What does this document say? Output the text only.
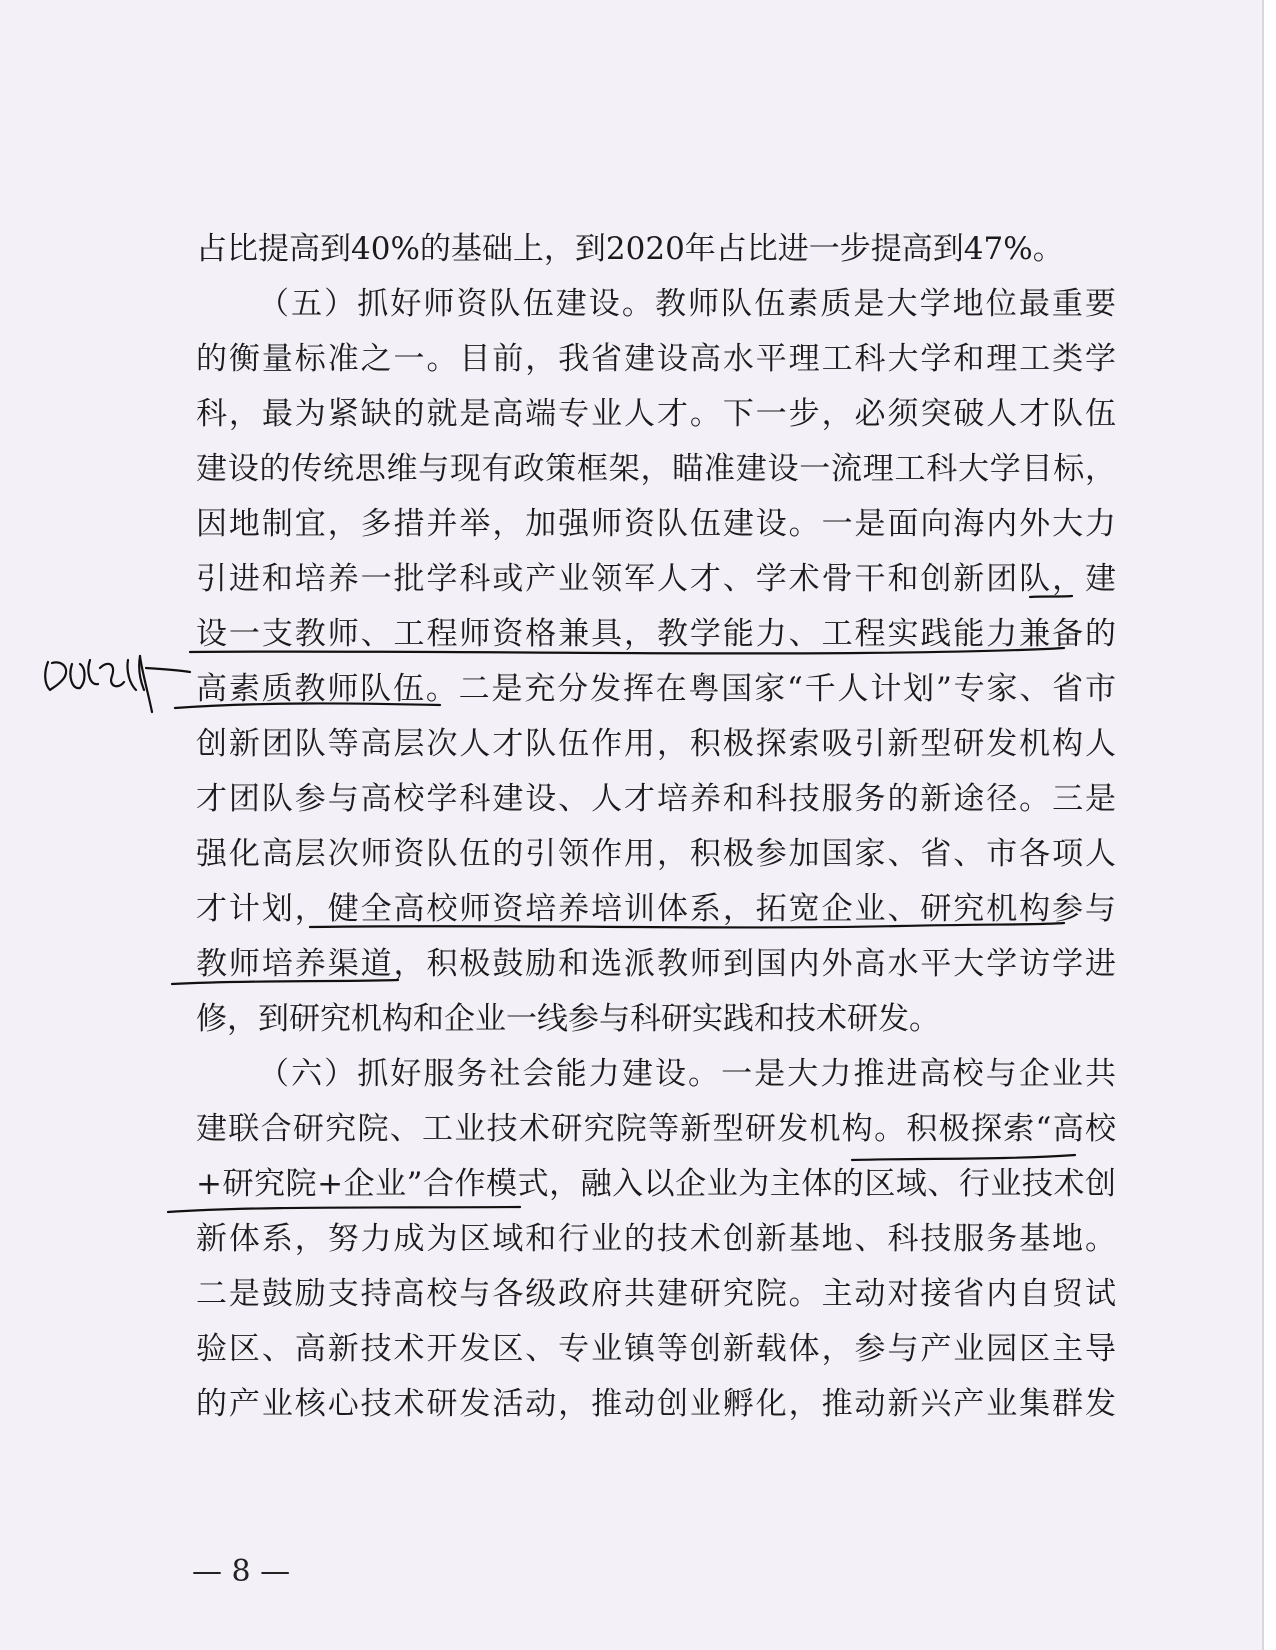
占比提高到40%的基础上，到2020年占比进一步提高到47%。
（五）抓好师资队伍建设。教师队伍素质是大学地位最重要
的衡量标准之一。目前，我省建设高水平理工科大学和理工类学
科，最为紧缺的就是高端专业人才。下一步，必须突破人才队伍
建设的传统思维与现有政策框架，瞄准建设一流理工科大学目标，
因地制宜，多措并举，加强师资队伍建设。一是面向海内外大力
引进和培养一批学科或产业领军人才、学术骨干和创新团队，建
设一支教师、工程师资格兼具，教学能力、工程实践能力兼备的
高素质教师队伍。二是充分发挥在粤国家“千人计划”专家、省市
创新团队等高层次人才队伍作用，积极探索吸引新型研发机构人
才团队参与高校学科建设、人才培养和科技服务的新途径。三是
强化高层次师资队伍的引领作用，积极参加国家、省、市各项人
才计划，健全高校师资培养培训体系，拓宽企业、研究机构参与
教师培养渠道，积极鼓励和选派教师到国内外高水平大学访学进
修，到研究机构和企业一线参与科研实践和技术研发。
（六）抓好服务社会能力建设。一是大力推进高校与企业共
建联合研究院、工业技术研究院等新型研发机构。积极探索“高校
+研究院+企业”合作模式，融入以企业为主体的区域、行业技术创
新体系，努力成为区域和行业的技术创新基地、科技服务基地。
二是鼓励支持高校与各级政府共建研究院。主动对接省内自贸试
验区、高新技术开发区、专业镇等创新载体，参与产业园区主导
的产业核心技术研发活动，推动创业孵化，推动新兴产业集群发
— 8 —
